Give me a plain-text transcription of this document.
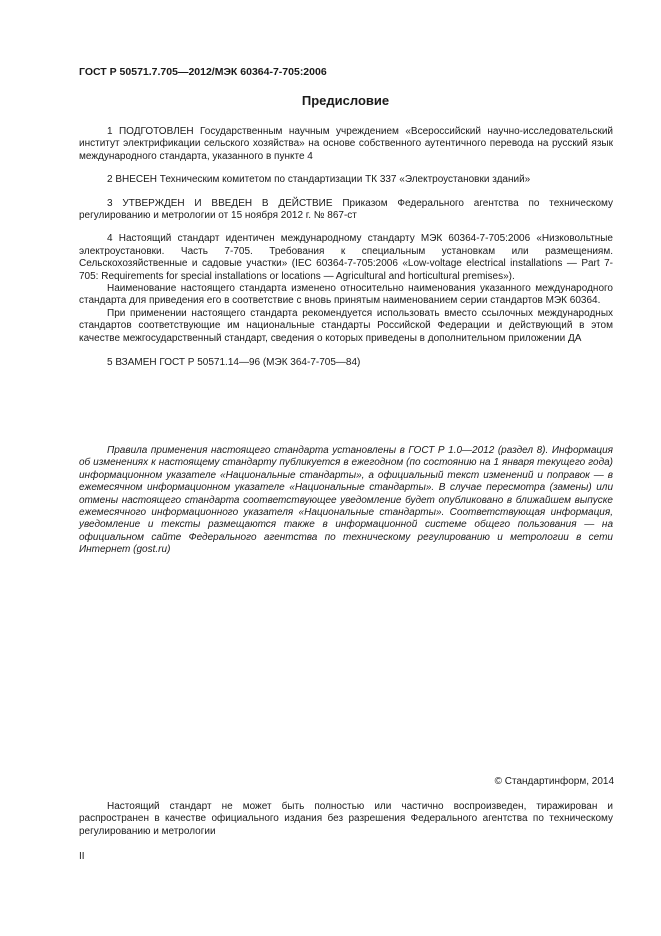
ГОСТ Р 50571.7.705—2012/МЭК 60364-7-705:2006
Предисловие

1 ПОДГОТОВЛЕН Государственным научным учреждением «Всероссийский научно-исследовательский институт электрификации сельского хозяйства» на основе собственного аутентичного перевода на русский язык международного стандарта, указанного в пункте 4

2 ВНЕСЕН Техническим комитетом по стандартизации ТК 337 «Электроустановки зданий»

3 УТВЕРЖДЕН И ВВЕДЕН В ДЕЙСТВИЕ Приказом Федерального агентства по техническому регулированию и метрологии от 15 ноября 2012 г. № 867-ст

4 Настоящий стандарт идентичен международному стандарту МЭК 60364-7-705:2006 «Низковольтные электроустановки. Часть 7-705. Требования к специальным установкам или размещениям. Сельскохозяйственные и садовые участки» (IEC 60364-7-705:2006 «Low-voltage electrical installations — Part 7-705: Requirements for special installations or locations — Agricultural and horticultural premises»).

Наименование настоящего стандарта изменено относительно наименования указанного международного стандарта для приведения его в соответствие с вновь принятым наименованием серии стандартов МЭК 60364.

При применении настоящего стандарта рекомендуется использовать вместо ссылочных международных стандартов соответствующие им национальные стандарты Российской Федерации и действующий в этом качестве межгосударственный стандарт, сведения о которых приведены в дополнительном приложении ДА

5 ВЗАМЕН ГОСТ Р 50571.14—96 (МЭК 364-7-705—84)

Правила применения настоящего стандарта установлены в ГОСТ Р 1.0—2012 (раздел 8). Информация об изменениях к настоящему стандарту публикуется в ежегодном (по состоянию на 1 января текущего года) информационном указателе «Национальные стандарты», а официальный текст изменений и поправок — в ежемесячном информационном указателе «Национальные стандарты». В случае пересмотра (замены) или отмены настоящего стандарта соответствующее уведомление будет опубликовано в ближайшем выпуске ежемесячного информационного указателя «Национальные стандарты». Соответствующая информация, уведомление и тексты размещаются также в информационной системе общего пользования — на официальном сайте Федерального агентства по техническому регулированию и метрологии в сети Интернет (gost.ru)

© Стандартинформ, 2014

Настоящий стандарт не может быть полностью или частично воспроизведен, тиражирован и распространен в качестве официального издания без разрешения Федерального агентства по техническому регулированию и метрологии

II
